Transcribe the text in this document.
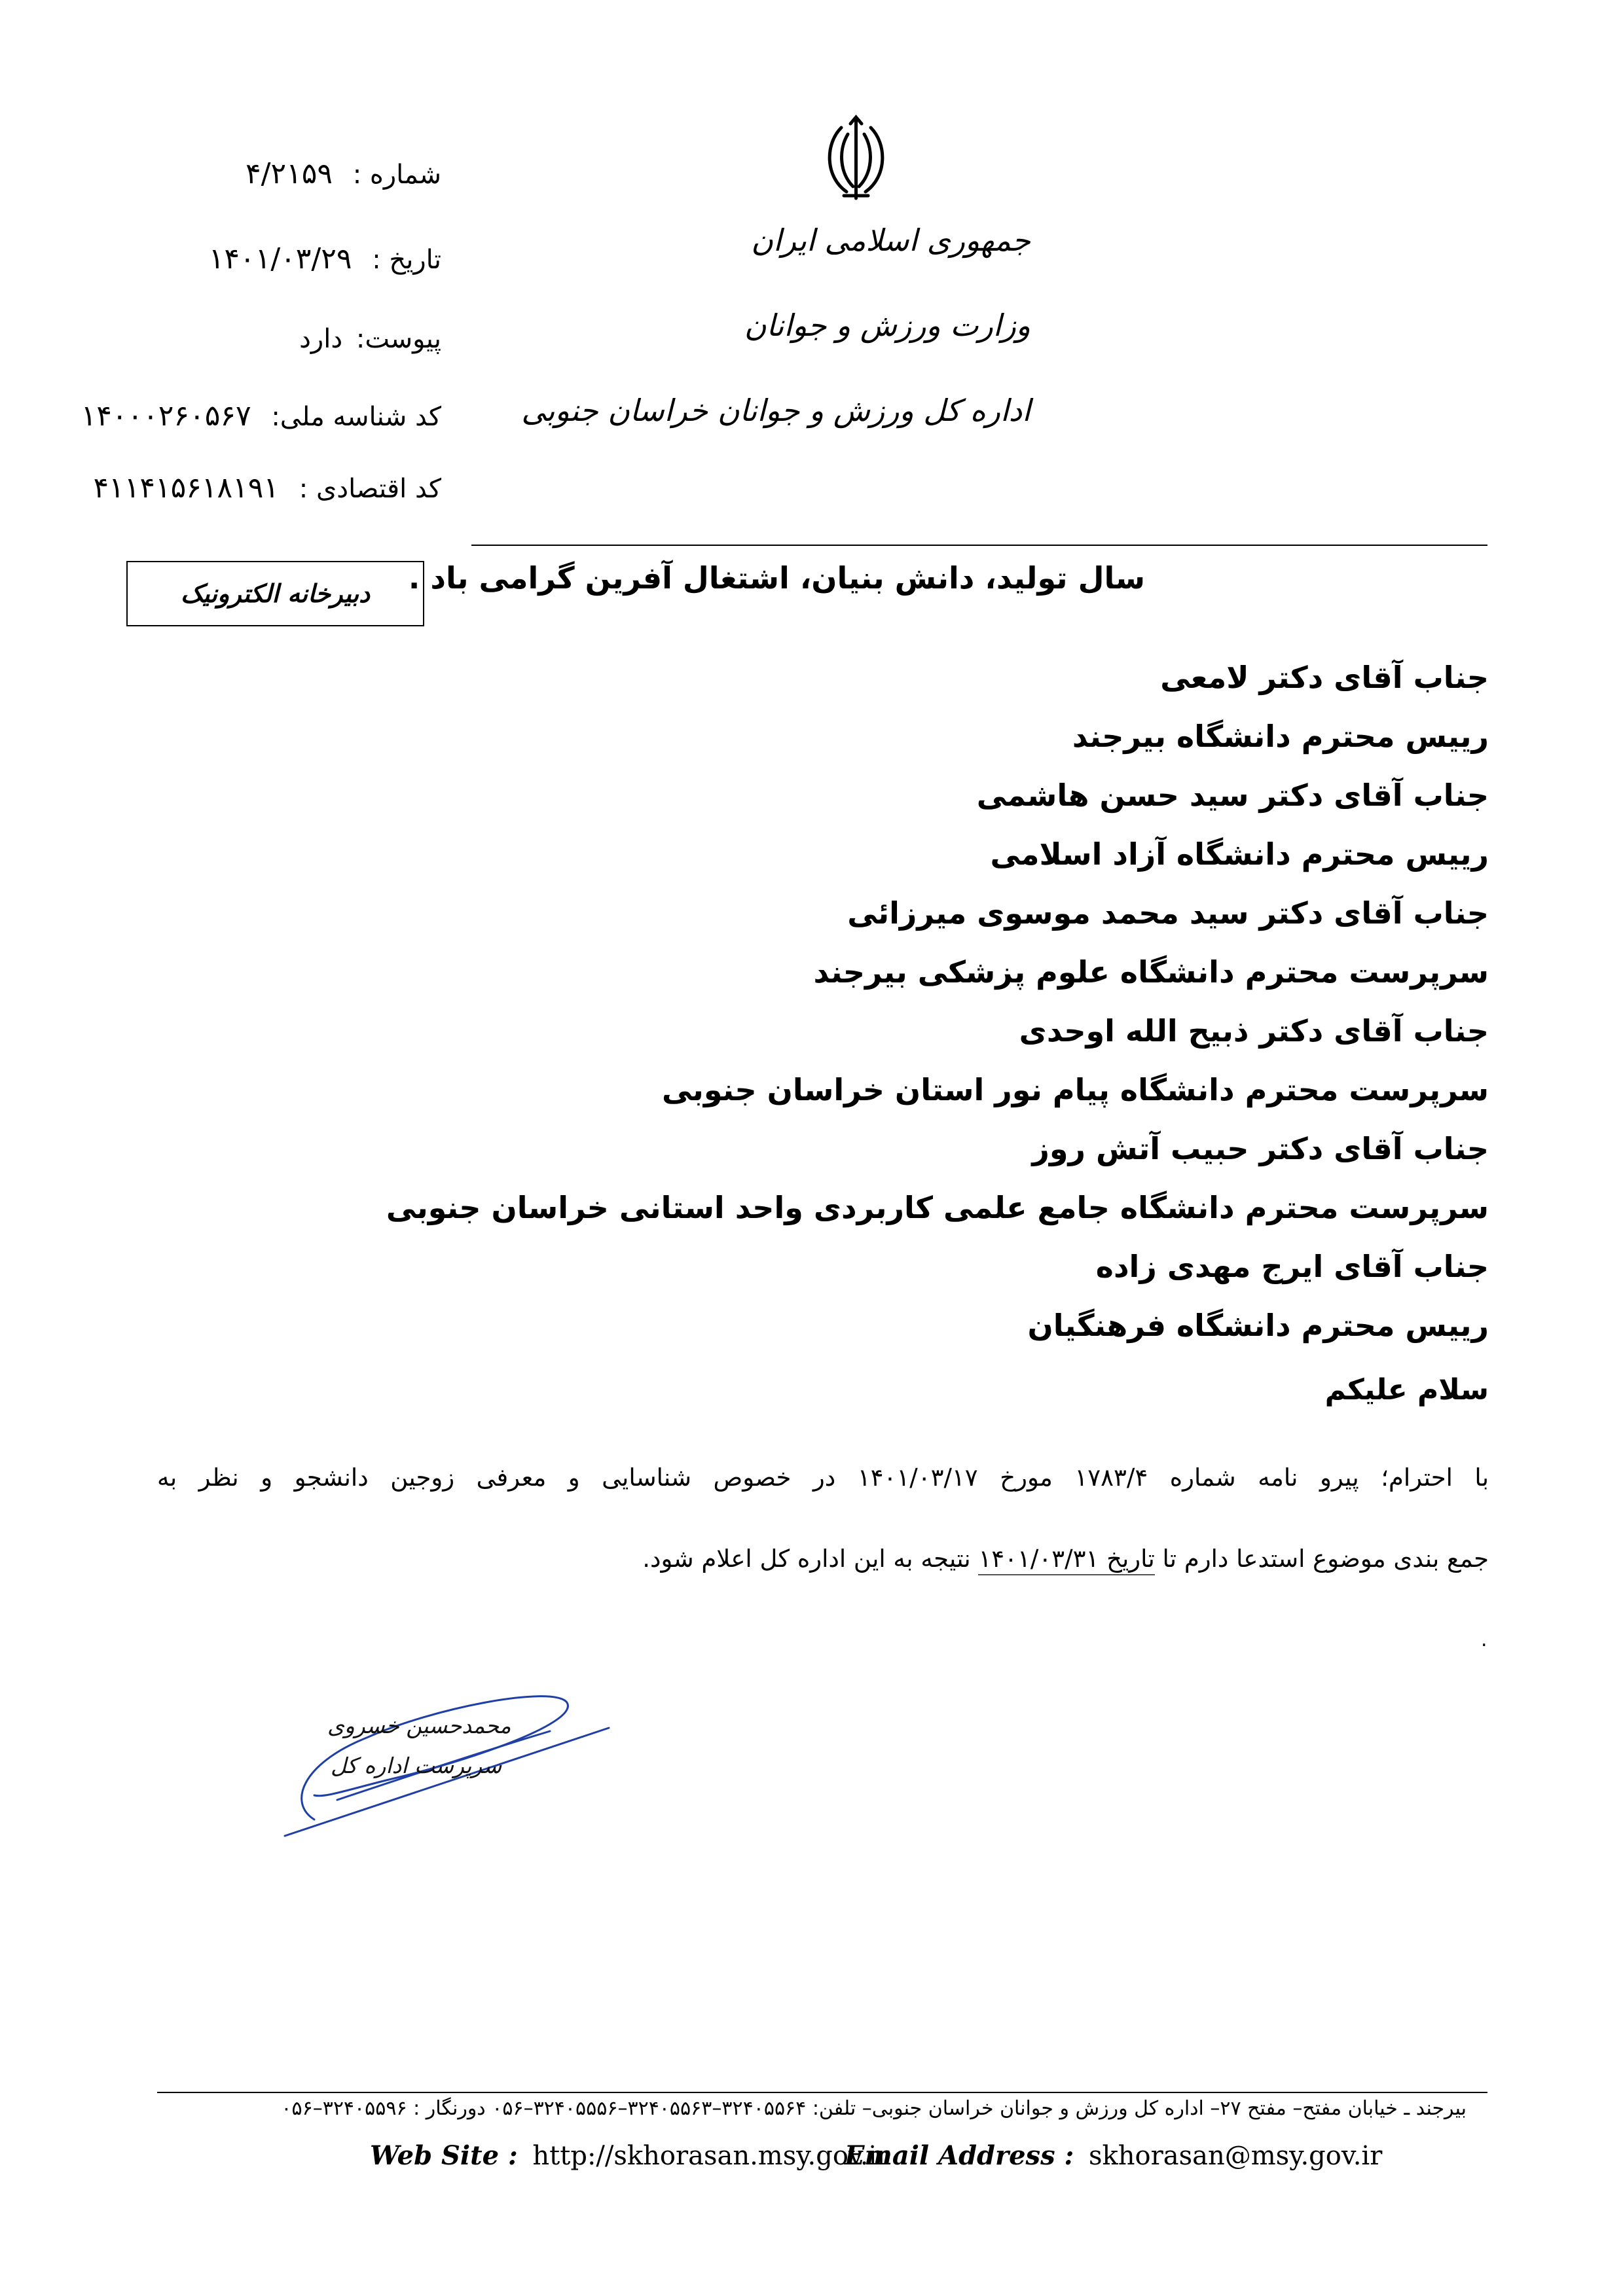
شماره : ۴/۲۱۵۹
تاریخ : ۱۴۰۱/۰۳/۲۹
پیوست: دارد
کد شناسه ملی: ۱۴۰۰۰۲۶۰۵۶۷
کد اقتصادی : ۴۱۱۴۱۵۶۱۸۱۹۱
جمهوری اسلامی ایران
وزارت ورزش و جوانان
اداره کل ورزش و جوانان خراسان جنوبی
سال تولید، دانش بنیان، اشتغال آفرین گرامی باد .
دبیرخانه الکترونیک
جناب آقای دکتر لامعی
رییس محترم دانشگاه بیرجند
جناب آقای دکتر سید حسن هاشمی
رییس محترم دانشگاه آزاد اسلامی
جناب آقای دکتر سید محمد موسوی میرزائی
سرپرست محترم دانشگاه علوم پزشکی بیرجند
جناب آقای دکتر ذبیح الله اوحدی
سرپرست محترم دانشگاه پیام نور استان خراسان جنوبی
جناب آقای دکتر حبیب آتش روز
سرپرست محترم دانشگاه جامع علمی کاربردی واحد استانی خراسان جنوبی
جناب آقای ایرج مهدی زاده
رییس محترم دانشگاه فرهنگیان
سلام علیکم
با احترام؛ پیرو نامه شماره ۱۷۸۳/۴ مورخ ۱۴۰۱/۰۳/۱۷ در خصوص شناسایی و معرفی زوجین دانشجو و نظر به
جمع بندی موضوع استدعا دارم تا تاریخ ۱۴۰۱/۰۳/۳۱ نتیجه به این اداره کل اعلام شود.
.
محمدحسین خسروی
سرپرست اداره کل
بیرجند ـ خیابان مفتح– مفتح ۲۷– اداره کل ورزش و جوانان خراسان جنوبی– تلفن: ۳۲۴۰۵۵۶۴–۳۲۴۰۵۵۶۳–۳۲۴۰۵۵۵۶–۰۵۶ دورنگار : ۳۲۴۰۵۵۹۶–۰۵۶
Web Site : http://skhorasan.msy.gov.ir
Email Address : skhorasan@msy.gov.ir
